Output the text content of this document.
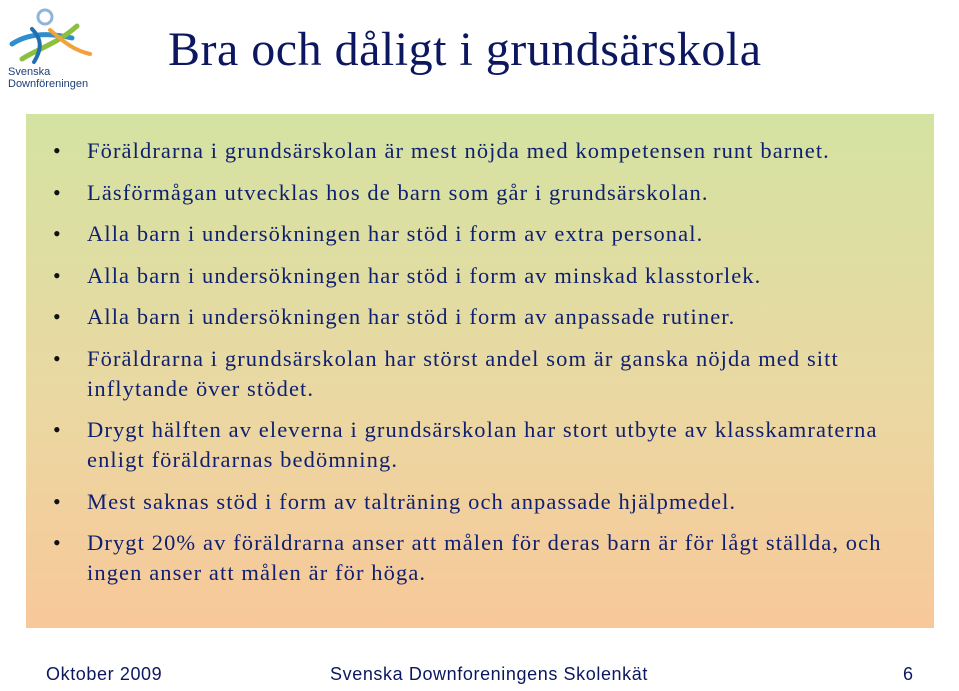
Svenska
Downföreningen
Bra och dåligt i grundsärskola
• Föräldrarna i grundsärskolan är mest nöjda med kompetensen runt barnet.
• Läsförmågan utvecklas hos de barn som går i grundsärskolan.
• Alla barn i undersökningen har stöd i form av extra personal.
• Alla barn i undersökningen har stöd i form av minskad klasstorlek.
• Alla barn i undersökningen har stöd i form av anpassade rutiner.
• Föräldrarna i grundsärskolan har störst andel som är ganska nöjda med sitt inflytande över stödet.
• Drygt hälften av eleverna i grundsärskolan har stort utbyte av klasskamraterna enligt föräldrarnas bedömning.
• Mest saknas stöd i form av talträning och anpassade hjälpmedel.
• Drygt 20% av föräldrarna anser att målen för deras barn är för lågt ställda, och ingen anser att målen är för höga.
Oktober 2009	Svenska Downforeningens Skolenkät	6
